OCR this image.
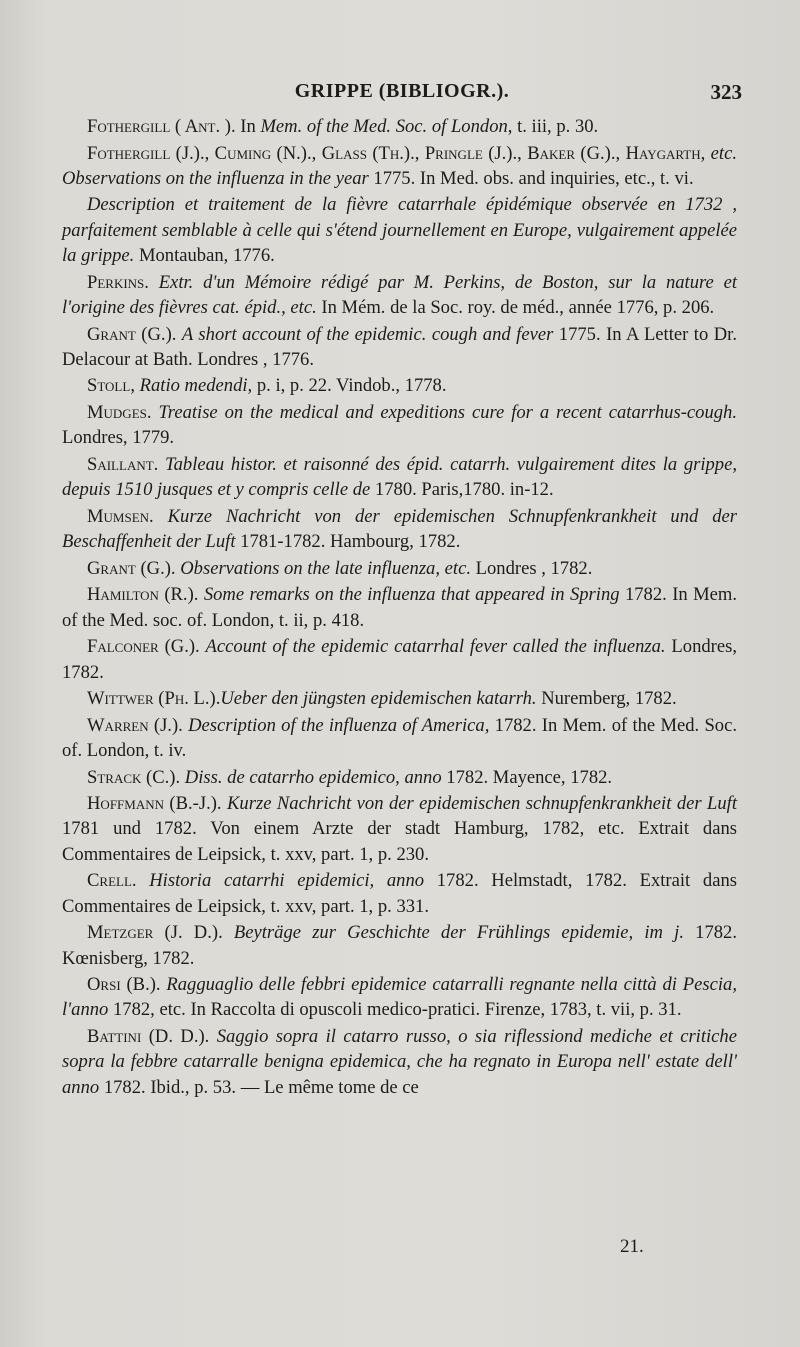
GRIPPE (BIBLIOGR.).	323

Fothergill ( Ant. ). In Mem. of the Med. Soc. of London, t. iii, p. 30.

Fothergill (J.)., Cuming (N.)., Glass (Th.)., Pringle (J.)., Baker (G.)., Haygarth, etc. Observations on the influenza in the year 1775. In Med. obs. and inquiries, etc., t. vi.

Description et traitement de la fièvre catarrhale épidémique observée en 1732 , parfaitement semblable à celle qui s'étend journellement en Europe, vulgairement appelée la grippe. Montauban, 1776.

Perkins. Extr. d'un Mémoire rédigé par M. Perkins, de Boston, sur la nature et l'origine des fièvres cat. épid., etc. In Mém. de la Soc. roy. de méd., année 1776, p. 206.

Grant (G.). A short account of the epidemic. cough and fever 1775. In A Letter to Dr. Delacour at Bath. Londres , 1776.

Stoll, Ratio medendi, p. i, p. 22. Vindob., 1778.

Mudges. Treatise on the medical and expeditions cure for a recent catarrhus-cough. Londres, 1779.

Saillant. Tableau histor. et raisonné des épid. catarrh. vulgairement dites la grippe, depuis 1510 jusques et y compris celle de 1780. Paris,1780. in-12.

Mumsen. Kurze Nachricht von der epidemischen Schnupfenkrankheit und der Beschaffenheit der Luft 1781-1782. Hambourg, 1782.

Grant (G.). Observations on the late influenza, etc. Londres , 1782.

Hamilton (R.). Some remarks on the influenza that appeared in Spring 1782. In Mem. of the Med. soc. of. London, t. ii, p. 418.

Falconer (G.). Account of the epidemic catarrhal fever called the influenza. Londres, 1782.

Wittwer (Ph. L.).Ueber den jüngsten epidemischen katarrh. Nuremberg, 1782.

Warren (J.). Description of the influenza of America, 1782. In Mem. of the Med. Soc. of. London, t. iv.

Strack (C.). Diss. de catarrho epidemico, anno 1782. Mayence, 1782.

Hoffmann (B.-J.). Kurze Nachricht von der epidemischen schnupfenkrankheit der Luft 1781 und 1782. Von einem Arzte der stadt Hamburg, 1782, etc. Extrait dans Commentaires de Leipsick, t. xxv, part. 1, p. 230.

Crell. Historia catarrhi epidemici, anno 1782. Helmstadt, 1782. Extrait dans Commentaires de Leipsick, t. xxv, part. 1, p. 331.

Metzger (J. D.). Beyträge zur Geschichte der Frühlings epidemie, im j. 1782. Kœnisberg, 1782.

Orsi (B.). Ragguaglio delle febbri epidemice catarralli regnante nella città di Pescia, l'anno 1782, etc. In Raccolta di opuscoli medico-pratici. Firenze, 1783, t. vii, p. 31.

Battini (D. D.). Saggio sopra il catarro russo, o sia riflessiond mediche et critiche sopra la febbre catarralle benigna epidemica, che ha regnato in Europa nell' estate dell' anno 1782. Ibid., p. 53. — Le même tome de ce

21.
